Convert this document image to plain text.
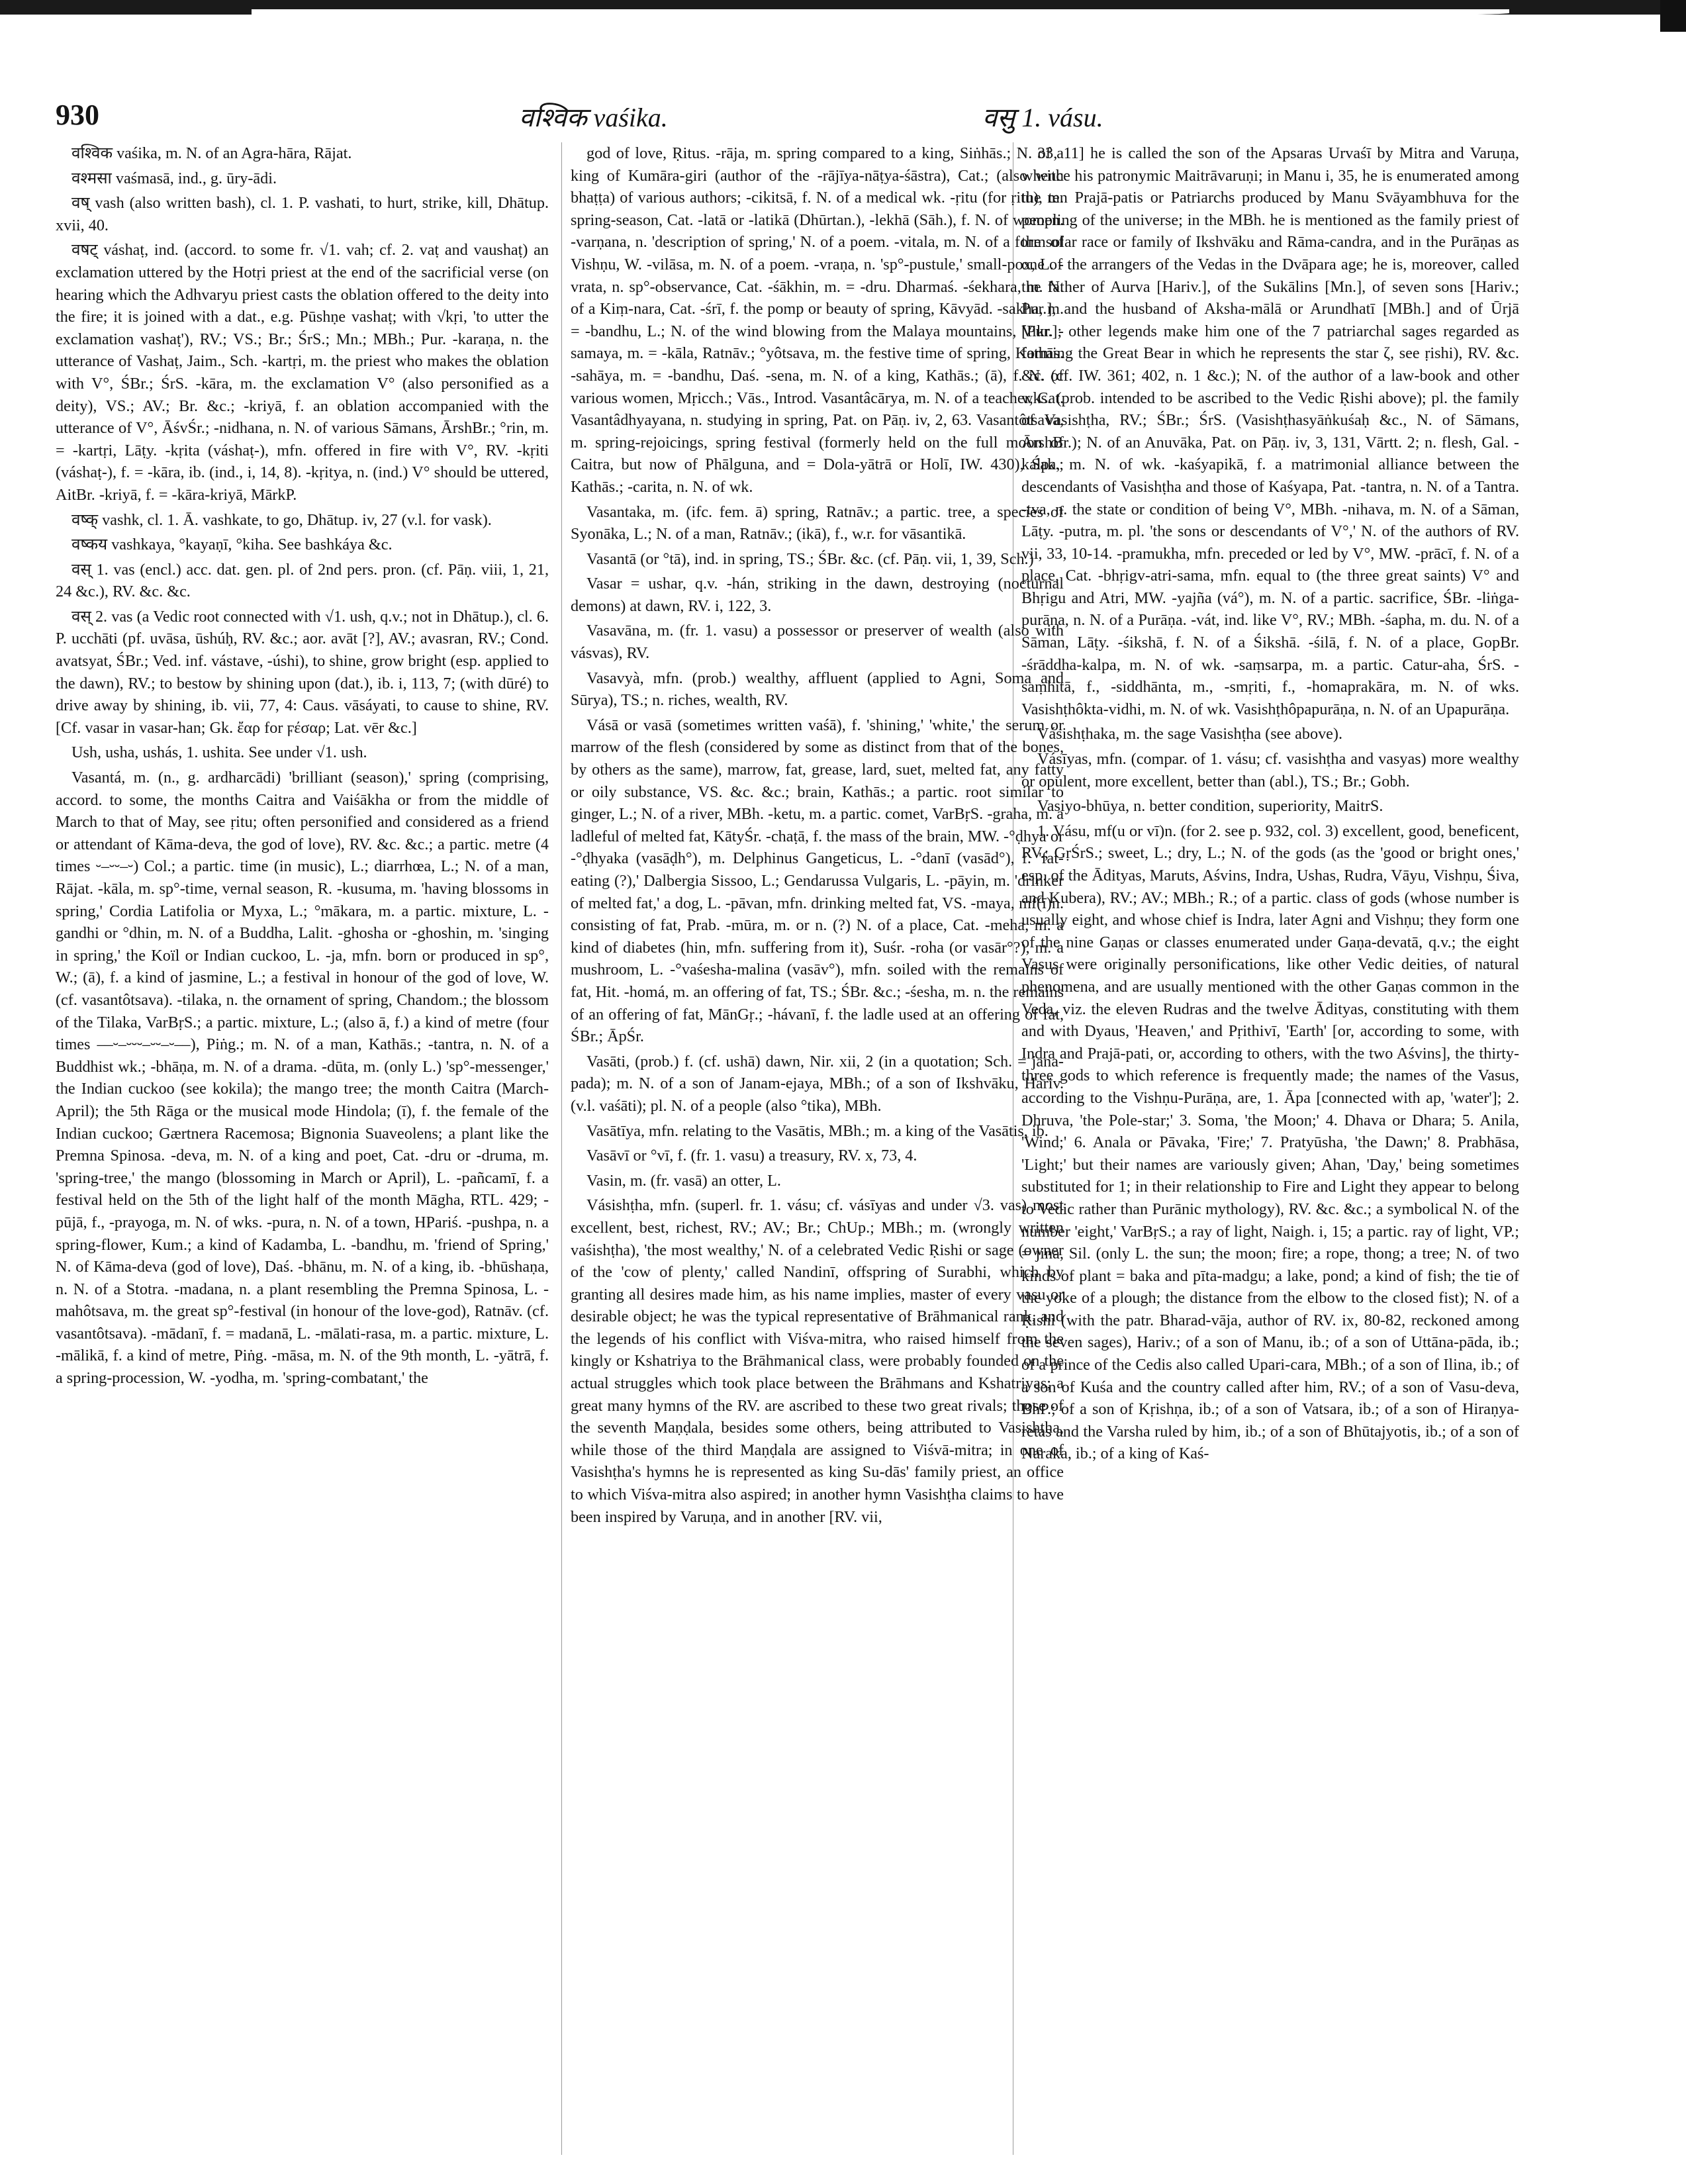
930	वश्विक vaśika.	वसु 1. vásu.

वश्विक vaśika, m. N. of an Agra-hāra, Rājat.

वश्मसा vaśmasā, ind., g. ūry-ādi.

वष् vash (also written bash), cl. 1. P. vashati, to hurt, strike, kill, Dhātup. xvii, 40.

वषट् váshaṭ, ind. (accord. to some fr. √1. vah; cf. 2. vaṭ and vaushaṭ) an exclamation uttered by the Hotṛi priest at the end of the sacrificial verse (on hearing which the Adhvaryu priest casts the oblation offered to the deity into the fire; it is joined with a dat., e.g. Pūshṇe vashaṭ; with √kṛi, 'to utter the exclamation vashaṭ'), RV.; VS.; Br.; ŚrS.; Mn.; MBh.; Pur. -karaṇa, n. the utterance of Vashaṭ, Jaim., Sch. -kartṛi, m. the priest who makes the oblation with V°, ŚBr.; ŚrS. -kāra, m. the exclamation V° (also personified as a deity), VS.; AV.; Br. &c.; -kriyā, f. an oblation accompanied with the utterance of V°, ĀśvŚr.; -nidhana, n. N. of various Sāmans, ĀrshBr.; °rin, m. = -kartṛi, Lāṭy. -kṛita (váshaṭ-), mfn. offered in fire with V°, RV. -kṛiti (váshaṭ-), f. = -kāra, ib. (ind., i, 14, 8). -kṛitya, n. (ind.) V° should be uttered, AitBr. -kriyā, f. = -kāra-kriyā, MārkP.

वष्क् vashk, cl. 1. Ā. vashkate, to go, Dhātup. iv, 27 (v.l. for vask).

वष्कय vashkaya, °kayaṇī, °kiha. See bashkáya &c.

वस् 1. vas (encl.) acc. dat. gen. pl. of 2nd pers. pron. (cf. Pāṇ. viii, 1, 21, 24 &c.), RV. &c. &c.

वस् 2. vas (a Vedic root connected with √1. ush, q.v.; not in Dhātup.), cl. 6. P. ucchāti (pf. uvāsa, ūshúḥ, RV. &c.; aor. avāt [?], AV.; avasran, RV.; Cond. avatsyat, ŚBr.; Ved. inf. vástave, -úshi), to shine, grow bright (esp. applied to the dawn), RV.; to bestow by shining upon (dat.), ib. i, 113, 7; (with dūré) to drive away by shining, ib. vii, 77, 4: Caus. vāsáyati, to cause to shine, RV. [Cf. vasar in vasar-han; Gk. ἔαρ for ϝέσαρ; Lat. vēr &c.]

Ush, usha, ushás, 1. ushita. See under √1. ush.

Vasantá, m. (n., g. ardharcādi) 'brilliant (season),' spring (comprising, accord. to some, the months Caitra and Vaiśākha or from the middle of March to that of May, see ṛitu; often personified and considered as a friend or attendant of Kāma-deva, the god of love), RV. &c. &c.; a partic. metre (4 times ⏑–⏑⏑–⏑) Col.; a partic. time (in music), L.; diarrhœa, L.; N. of a man, Rājat. -kāla, m. sp°-time, vernal season, R. -kusuma, m. 'having blossoms in spring,' Cordia Latifolia or Myxa, L.; °mākara, m. a partic. mixture, L. -gandhi or °dhin, m. N. of a Buddha, Lalit. -ghosha or -ghoshin, m. 'singing in spring,' the Koïl or Indian cuckoo, L. -ja, mfn. born or produced in sp°, W.; (ā), f. a kind of jasmine, L.; a festival in honour of the god of love, W. (cf. vasantôtsava). -tilaka, n. the ornament of spring, Chandom.; the blossom of the Tilaka, VarBṛS.; a partic. mixture, L.; (also ā, f.) a kind of metre (four times ––⏑–⏑⏑⏑–⏑⏑–⏑––), Piṅg.; m. N. of a man, Kathās.; -tantra, n. N. of a Buddhist wk.; -bhāṇa, m. N. of a drama. -dūta, m. (only L.) 'sp°-messenger,' the Indian cuckoo (see kokila); the mango tree; the month Caitra (March-April); the 5th Rāga or the musical mode Hindola; (ī), f. the female of the Indian cuckoo; Gærtnera Racemosa; Bignonia Suaveolens; a plant like the Premna Spinosa. -deva, m. N. of a king and poet, Cat. -dru or -druma, m. 'spring-tree,' the mango (blossoming in March or April), L. -pañcamī, f. a festival held on the 5th of the light half of the month Māgha, RTL. 429; -pūjā, f., -prayoga, m. N. of wks. -pura, n. N. of a town, HPariś. -pushpa, n. a spring-flower, Kum.; a kind of Kadamba, L. -bandhu, m. 'friend of Spring,' N. of Kāma-deva (god of love), Daś. -bhānu, m. N. of a king, ib. -bhūshaṇa, n. N. of a Stotra. -madana, n. a plant resembling the Premna Spinosa, L. -mahôtsava, m. the great sp°-festival (in honour of the love-god), Ratnāv. (cf. vasantôtsava). -mādanī, f. = madanā, L. -mālati-rasa, m. a partic. mixture, L. -mālikā, f. a kind of metre, Piṅg. -māsa, m. N. of the 9th month, L. -yātrā, f. a spring-procession, W. -yodha, m. 'spring-combatant,' the

god of love, Ṛitus. -rāja, m. spring compared to a king, Siṅhās.; N. of a king of Kumāra-giri (author of the -rājīya-nāṭya-śāstra), Cat.; (also with bhaṭṭa) of various authors; -cikitsā, f. N. of a medical wk. -ṛitu (for ṛitu), m. spring-season, Cat. -latā or -latikā (Dhūrtan.), -lekhā (Sāh.), f. N. of women. -varṇana, n. 'description of spring,' N. of a poem. -vitala, m. N. of a form of Vishṇu, W. -vilāsa, m. N. of a poem. -vraṇa, n. 'sp°-pustule,' small-pox, L. -vrata, n. sp°-observance, Cat. -śākhin, m. = -dru. Dharmaś. -śekhara, m. N. of a Kiṃ-nara, Cat. -śrī, f. the pomp or beauty of spring, Kāvyād. -sakha, m. = -bandhu, L.; N. of the wind blowing from the Malaya mountains, Vikr. -samaya, m. = -kāla, Ratnāv.; °yôtsava, m. the festive time of spring, Kathās. -sahāya, m. = -bandhu, Daś. -sena, m. N. of a king, Kathās.; (ā), f. N. of various women, Mṛicch.; Vās., Introd. Vasantâcārya, m. N. of a teacher, Cat. Vasantâdhyayana, n. studying in spring, Pat. on Pāṇ. iv, 2, 63. Vasantôtsava, m. spring-rejoicings, spring festival (formerly held on the full moon of Caitra, but now of Phālguna, and = Dola-yātrā or Holī, IW. 430), Śak.; Kathās.; -carita, n. N. of wk.

Vasantaka, m. (ifc. fem. ā) spring, Ratnāv.; a partic. tree, a species of Syonāka, L.; N. of a man, Ratnāv.; (ikā), f., w.r. for vāsantikā.

Vasantā (or °tā), ind. in spring, TS.; ŚBr. &c. (cf. Pāṇ. vii, 1, 39, Sch.)

Vasar = ushar, q.v. -hán, striking in the dawn, destroying (nocturnal demons) at dawn, RV. i, 122, 3.

Vasavāna, m. (fr. 1. vasu) a possessor or preserver of wealth (also with vásvas), RV.

Vasavyà, mfn. (prob.) wealthy, affluent (applied to Agni, Soma and Sūrya), TS.; n. riches, wealth, RV.

Vásā or vasā (sometimes written vaśā), f. 'shining,' 'white,' the serum or marrow of the flesh (considered by some as distinct from that of the bones, by others as the same), marrow, fat, grease, lard, suet, melted fat, any fatty or oily substance, VS. &c. &c.; brain, Kathās.; a partic. root similar to ginger, L.; N. of a river, MBh. -ketu, m. a partic. comet, VarBṛS. -graha, m. a ladleful of melted fat, KātyŚr. -chaṭā, f. the mass of the brain, MW. -°ḍhya or -°ḍhyaka (vasāḍh°), m. Delphinus Gangeticus, L. -°danī (vasād°), f. 'fat-eating (?),' Dalbergia Sissoo, L.; Gendarussa Vulgaris, L. -pāyin, m. 'drinker of melted fat,' a dog, L. -pāvan, mfn. drinking melted fat, VS. -maya, mf(ī)n. consisting of fat, Prab. -mūra, m. or n. (?) N. of a place, Cat. -meha, m. a kind of diabetes (hin, mfn. suffering from it), Suśr. -roha (or vasār°?), m. a mushroom, L. -°vaśesha-malina (vasāv°), mfn. soiled with the remains of fat, Hit. -homá, m. an offering of fat, TS.; ŚBr. &c.; -śesha, m. n. the remains of an offering of fat, MānGṛ.; -hávanī, f. the ladle used at an offering of fat, ŚBr.; ĀpŚr.

Vasāti, (prob.) f. (cf. ushā) dawn, Nir. xii, 2 (in a quotation; Sch. = jana-pada); m. N. of a son of Janam-ejaya, MBh.; of a son of Ikshvāku, Hariv. (v.l. vaśāti); pl. N. of a people (also °tika), MBh.

Vasātīya, mfn. relating to the Vasātis, MBh.; m. a king of the Vasātis, ib.

Vasāvī or °vī, f. (fr. 1. vasu) a treasury, RV. x, 73, 4.

Vasin, m. (fr. vasā) an otter, L.

Vásishṭha, mfn. (superl. fr. 1. vásu; cf. vásīyas and under √3. vas) most excellent, best, richest, RV.; AV.; Br.; ChUp.; MBh.; m. (wrongly written vaśishṭha), 'the most wealthy,' N. of a celebrated Vedic Ṛishi or sage (owner of the 'cow of plenty,' called Nandinī, offspring of Surabhi, which by granting all desires made him, as his name implies, master of every vasu or desirable object; he was the typical representative of Brāhmanical rank, and the legends of his conflict with Viśva-mitra, who raised himself from the kingly or Kshatriya to the Brāhmanical class, were probably founded on the actual struggles which took place between the Brāhmans and Kshatriyas; a great many hymns of the RV. are ascribed to these two great rivals; those of the seventh Maṇḍala, besides some others, being attributed to Vasishṭha, while those of the third Maṇḍala are assigned to Viśvā-mitra; in one of Vasishṭha's hymns he is represented as king Su-dās' family priest, an office to which Viśva-mitra also aspired; in another hymn Vasishṭha claims to have been inspired by Varuṇa, and in another [RV. vii,

33, 11] he is called the son of the Apsaras Urvaśī by Mitra and Varuṇa, whence his patronymic Maitrāvaruṇi; in Manu i, 35, he is enumerated among the ten Prajā-patis or Patriarchs produced by Manu Svāyambhuva for the peopling of the universe; in the MBh. he is mentioned as the family priest of the solar race or family of Ikshvāku and Rāma-candra, and in the Purāṇas as one of the arrangers of the Vedas in the Dvāpara age; he is, moreover, called the father of Aurva [Hariv.], of the Sukālins [Mn.], of seven sons [Hariv.; Pur.], and the husband of Aksha-mālā or Arundhatī [MBh.] and of Ūrjā [Pur.]; other legends make him one of the 7 patriarchal sages regarded as forming the Great Bear in which he represents the star ζ, see ṛishi), RV. &c. &c. (cf. IW. 361; 402, n. 1 &c.); N. of the author of a law-book and other wks. (prob. intended to be ascribed to the Vedic Ṛishi above); pl. the family of Vasishṭha, RV.; ŚBr.; ŚrS. (Vasishṭhasyāṅkuśaḥ &c., N. of Sāmans, ĀrshBr.); N. of an Anuvāka, Pat. on Pāṇ. iv, 3, 131, Vārtt. 2; n. flesh, Gal. -kalpa, m. N. of wk. -kaśyapikā, f. a matrimonial alliance between the descendants of Vasishṭha and those of Kaśyapa, Pat. -tantra, n. N. of a Tantra. -tva, n. the state or condition of being V°, MBh. -nihava, m. N. of a Sāman, Lāṭy. -putra, m. pl. 'the sons or descendants of V°,' N. of the authors of RV. vii, 33, 10-14. -pramukha, mfn. preceded or led by V°, MW. -prācī, f. N. of a place, Cat. -bhṛigv-atri-sama, mfn. equal to (the three great saints) V° and Bhṛigu and Atri, MW. -yajña (vá°), m. N. of a partic. sacrifice, ŚBr. -liṅga-purāṇa, n. N. of a Purāṇa. -vát, ind. like V°, RV.; MBh. -śapha, m. du. N. of a Sāman, Lāṭy. -śikshā, f. N. of a Śikshā. -śilā, f. N. of a place, GopBr. -śrāddha-kalpa, m. N. of wk. -saṃsarpa, m. a partic. Catur-aha, ŚrS. -saṃhitā, f., -siddhānta, m., -smṛiti, f., -homaprakāra, m. N. of wks. Vasishṭhôkta-vidhi, m. N. of wk. Vasishṭhôpapurāṇa, n. N. of an Upapurāṇa.

Vásishṭhaka, m. the sage Vasishṭha (see above).

Vásīyas, mfn. (compar. of 1. vásu; cf. vasishṭha and vasyas) more wealthy or opulent, more excellent, better than (abl.), TS.; Br.; Gobh.

Vasiyo-bhūya, n. better condition, superiority, MaitrS.

1. Vásu, mf(u or vī)n. (for 2. see p. 932, col. 3) excellent, good, beneficent, RV.; GṛŚrS.; sweet, L.; dry, L.; N. of the gods (as the 'good or bright ones,' esp. of the Ādityas, Maruts, Aśvins, Indra, Ushas, Rudra, Vāyu, Vishṇu, Śiva, and Kubera), RV.; AV.; MBh.; R.; of a partic. class of gods (whose number is usually eight, and whose chief is Indra, later Agni and Vishṇu; they form one of the nine Gaṇas or classes enumerated under Gaṇa-devatā, q.v.; the eight Vasus were originally personifications, like other Vedic deities, of natural phenomena, and are usually mentioned with the other Gaṇas common in the Veda, viz. the eleven Rudras and the twelve Ādityas, constituting with them and with Dyaus, 'Heaven,' and Pṛithivī, 'Earth' [or, according to some, with Indra and Prajā-pati, or, according to others, with the two Aśvins], the thirty-three gods to which reference is frequently made; the names of the Vasus, according to the Vishṇu-Purāṇa, are, 1. Āpa [connected with ap, 'water']; 2. Dhruva, 'the Pole-star;' 3. Soma, 'the Moon;' 4. Dhava or Dhara; 5. Anila, 'Wind;' 6. Anala or Pāvaka, 'Fire;' 7. Pratyūsha, 'the Dawn;' 8. Prabhāsa, 'Light;' but their names are variously given; Ahan, 'Day,' being sometimes substituted for 1; in their relationship to Fire and Light they appear to belong to Vedic rather than Purānic mythology), RV. &c. &c.; a symbolical N. of the number 'eight,' VarBṛS.; a ray of light, Naigh. i, 15; a partic. ray of light, VP.; = jina, Sil. (only L. the sun; the moon; fire; a rope, thong; a tree; N. of two kinds of plant = baka and pīta-madgu; a lake, pond; a kind of fish; the tie of the yoke of a plough; the distance from the elbow to the closed fist); N. of a Ṛishi (with the patr. Bharad-vāja, author of RV. ix, 80-82, reckoned among the seven sages), Hariv.; of a son of Manu, ib.; of a son of Uttāna-pāda, ib.; of a prince of the Cedis also called Upari-cara, MBh.; of a son of Ilina, ib.; of a son of Kuśa and the country called after him, RV.; of a son of Vasu-deva, BhP.; of a son of Kṛishṇa, ib.; of a son of Vatsara, ib.; of a son of Hiraṇya-retas and the Varsha ruled by him, ib.; of a son of Bhūtajyotis, ib.; of a son of Naraka, ib.; of a king of Kaś-
